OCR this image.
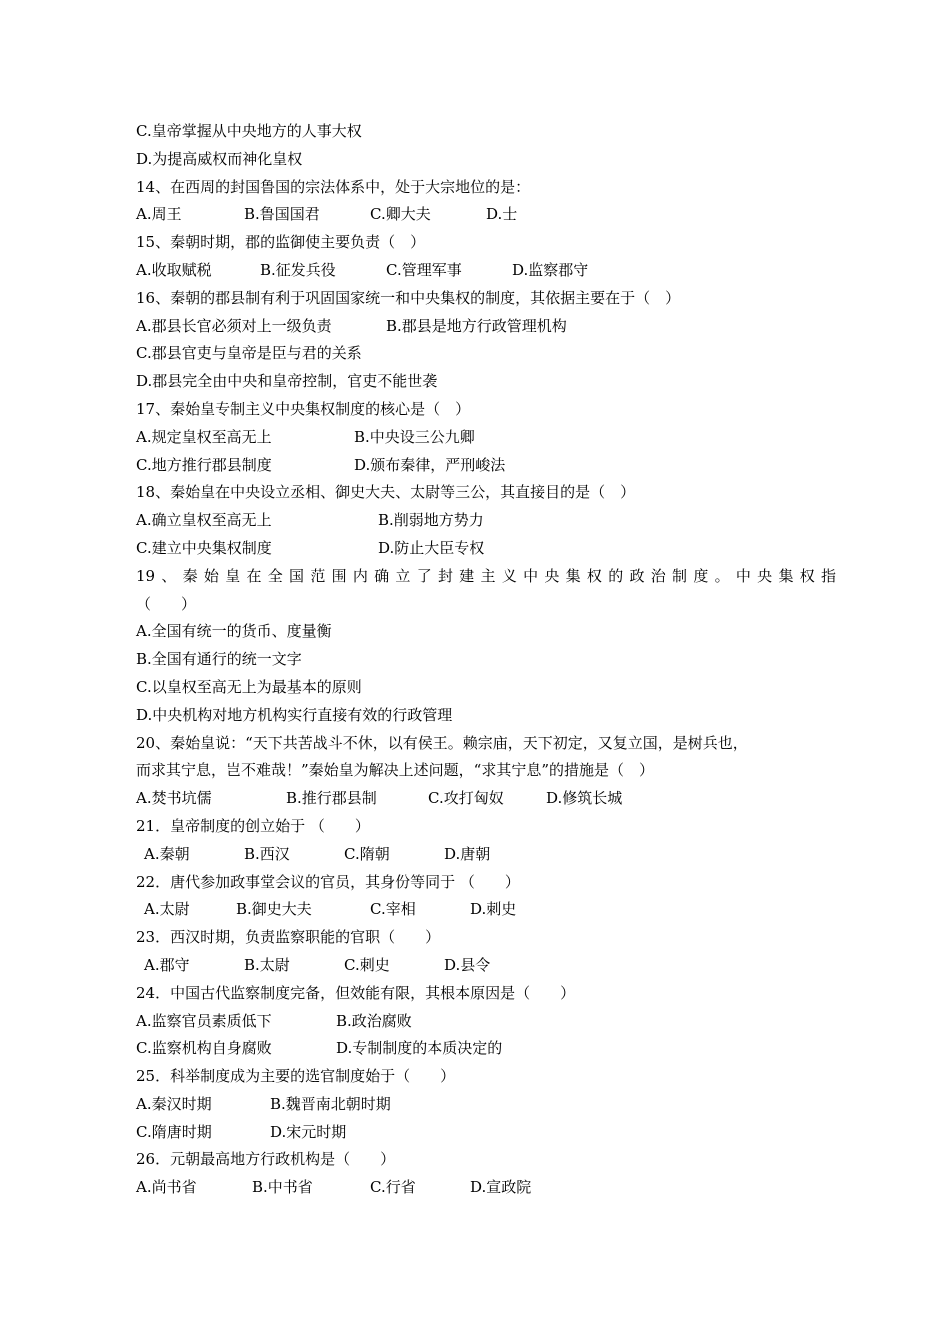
C.皇帝掌握从中央地方的人事大权
D.为提高威权而神化皇权
14、在西周的封国鲁国的宗法体系中，处于大宗地位的是：
A.周王	B.鲁国国君	C.卿大夫	D.士
15、秦朝时期，郡的监御使主要负责（　）
A.收取赋税	B.征发兵役	C.管理军事	D.监察郡守
16、秦朝的郡县制有利于巩固国家统一和中央集权的制度，其依据主要在于（　）
A.郡县长官必须对上一级负责	B.郡县是地方行政管理机构
C.郡县官吏与皇帝是臣与君的关系
D.郡县完全由中央和皇帝控制，官吏不能世袭
17、秦始皇专制主义中央集权制度的核心是（　）
A.规定皇权至高无上	B.中央设三公九卿
C.地方推行郡县制度	D.颁布秦律，严刑峻法
18、秦始皇在中央设立丞相、御史大夫、太尉等三公，其直接目的是（　）
A.确立皇权至高无上	B.削弱地方势力
C.建立中央集权制度	D.防止大臣专权
19、秦始皇在全国范围内确立了封建主义中央集权的政治制度。中央集权指
（　　）
A.全国有统一的货币、度量衡
B.全国有通行的统一文字
C.以皇权至高无上为最基本的原则
D.中央机构对地方机构实行直接有效的行政管理
20、秦始皇说：“天下共苦战斗不休，以有侯王。赖宗庙，天下初定，又复立国，是树兵也，
而求其宁息，岂不难哉！”秦始皇为解决上述问题，“求其宁息”的措施是（　）
A.焚书坑儒	B.推行郡县制	C.攻打匈奴	D.修筑长城
21．皇帝制度的创立始于 （　　）
A.秦朝	B.西汉	C.隋朝	D.唐朝
22．唐代参加政事堂会议的官员，其身份等同于 （　　）
A.太尉	B.御史大夫	C.宰相	D.刺史
23．西汉时期，负责监察职能的官职（　　）
A.郡守	B.太尉	C.刺史	D.县令
24．中国古代监察制度完备，但效能有限，其根本原因是（　　）
A.监察官员素质低下	B.政治腐败
C.监察机构自身腐败	D.专制制度的本质决定的
25．科举制度成为主要的选官制度始于（　　）
A.秦汉时期	B.魏晋南北朝时期
C.隋唐时期	D.宋元时期
26．元朝最高地方行政机构是（　　）
A.尚书省	B.中书省	C.行省	D.宣政院
